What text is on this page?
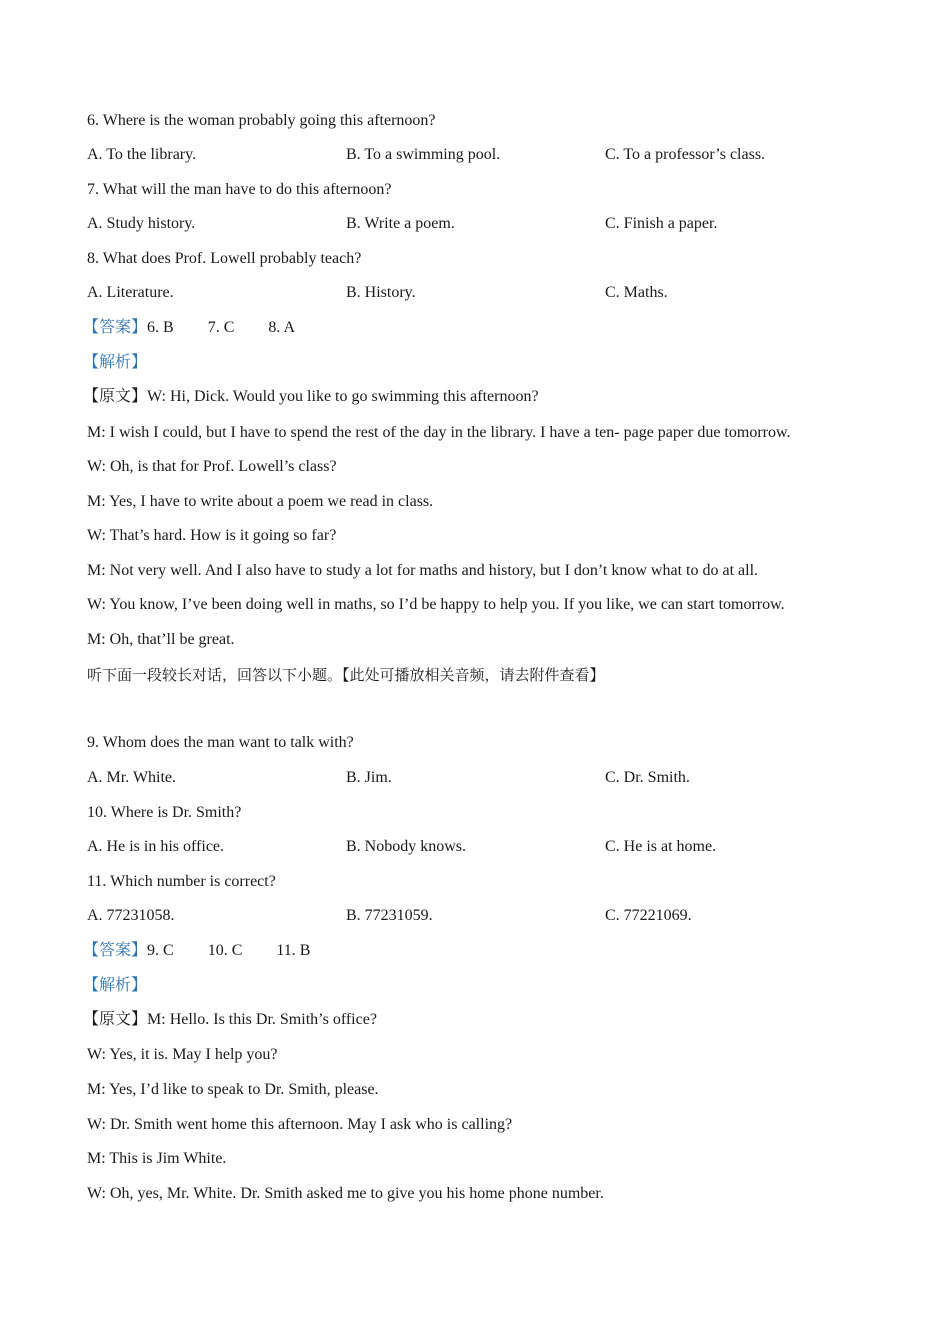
6. Where is the woman probably going this afternoon?
A. To the library.	B. To a swimming pool.	C. To a professor’s class.
7. What will the man have to do this afternoon?
A. Study history.	B. Write a poem.	C. Finish a paper.
8. What does Prof. Lowell probably teach?
A. Literature.	B. History.	C. Maths.
【答案】6. B 7. C 8. A
【解析】
【原文】W: Hi, Dick. Would you like to go swimming this afternoon?
M: I wish I could, but I have to spend the rest of the day in the library. I have a ten- page paper due tomorrow.
W: Oh, is that for Prof. Lowell’s class?
M: Yes, I have to write about a poem we read in class.
W: That’s hard. How is it going so far?
M: Not very well. And I also have to study a lot for maths and history, but I don’t know what to do at all.
W: You know, I’ve been doing well in maths, so I’d be happy to help you. If you like, we can start tomorrow.
M: Oh, that’ll be great.
听下面一段较长对话，回答以下小题。【此处可播放相关音频，请去附件查看】
9. Whom does the man want to talk with?
A. Mr. White.	B. Jim.	C. Dr. Smith.
10. Where is Dr. Smith?
A. He is in his office.	B. Nobody knows.	C. He is at home.
11. Which number is correct?
A. 77231058.	B. 77231059.	C. 77221069.
【答案】9. C 10. C 11. B
【解析】
【原文】M: Hello. Is this Dr. Smith’s office?
W: Yes, it is. May I help you?
M: Yes, I’d like to speak to Dr. Smith, please.
W: Dr. Smith went home this afternoon. May I ask who is calling?
M: This is Jim White.
W: Oh, yes, Mr. White. Dr. Smith asked me to give you his home phone number.
